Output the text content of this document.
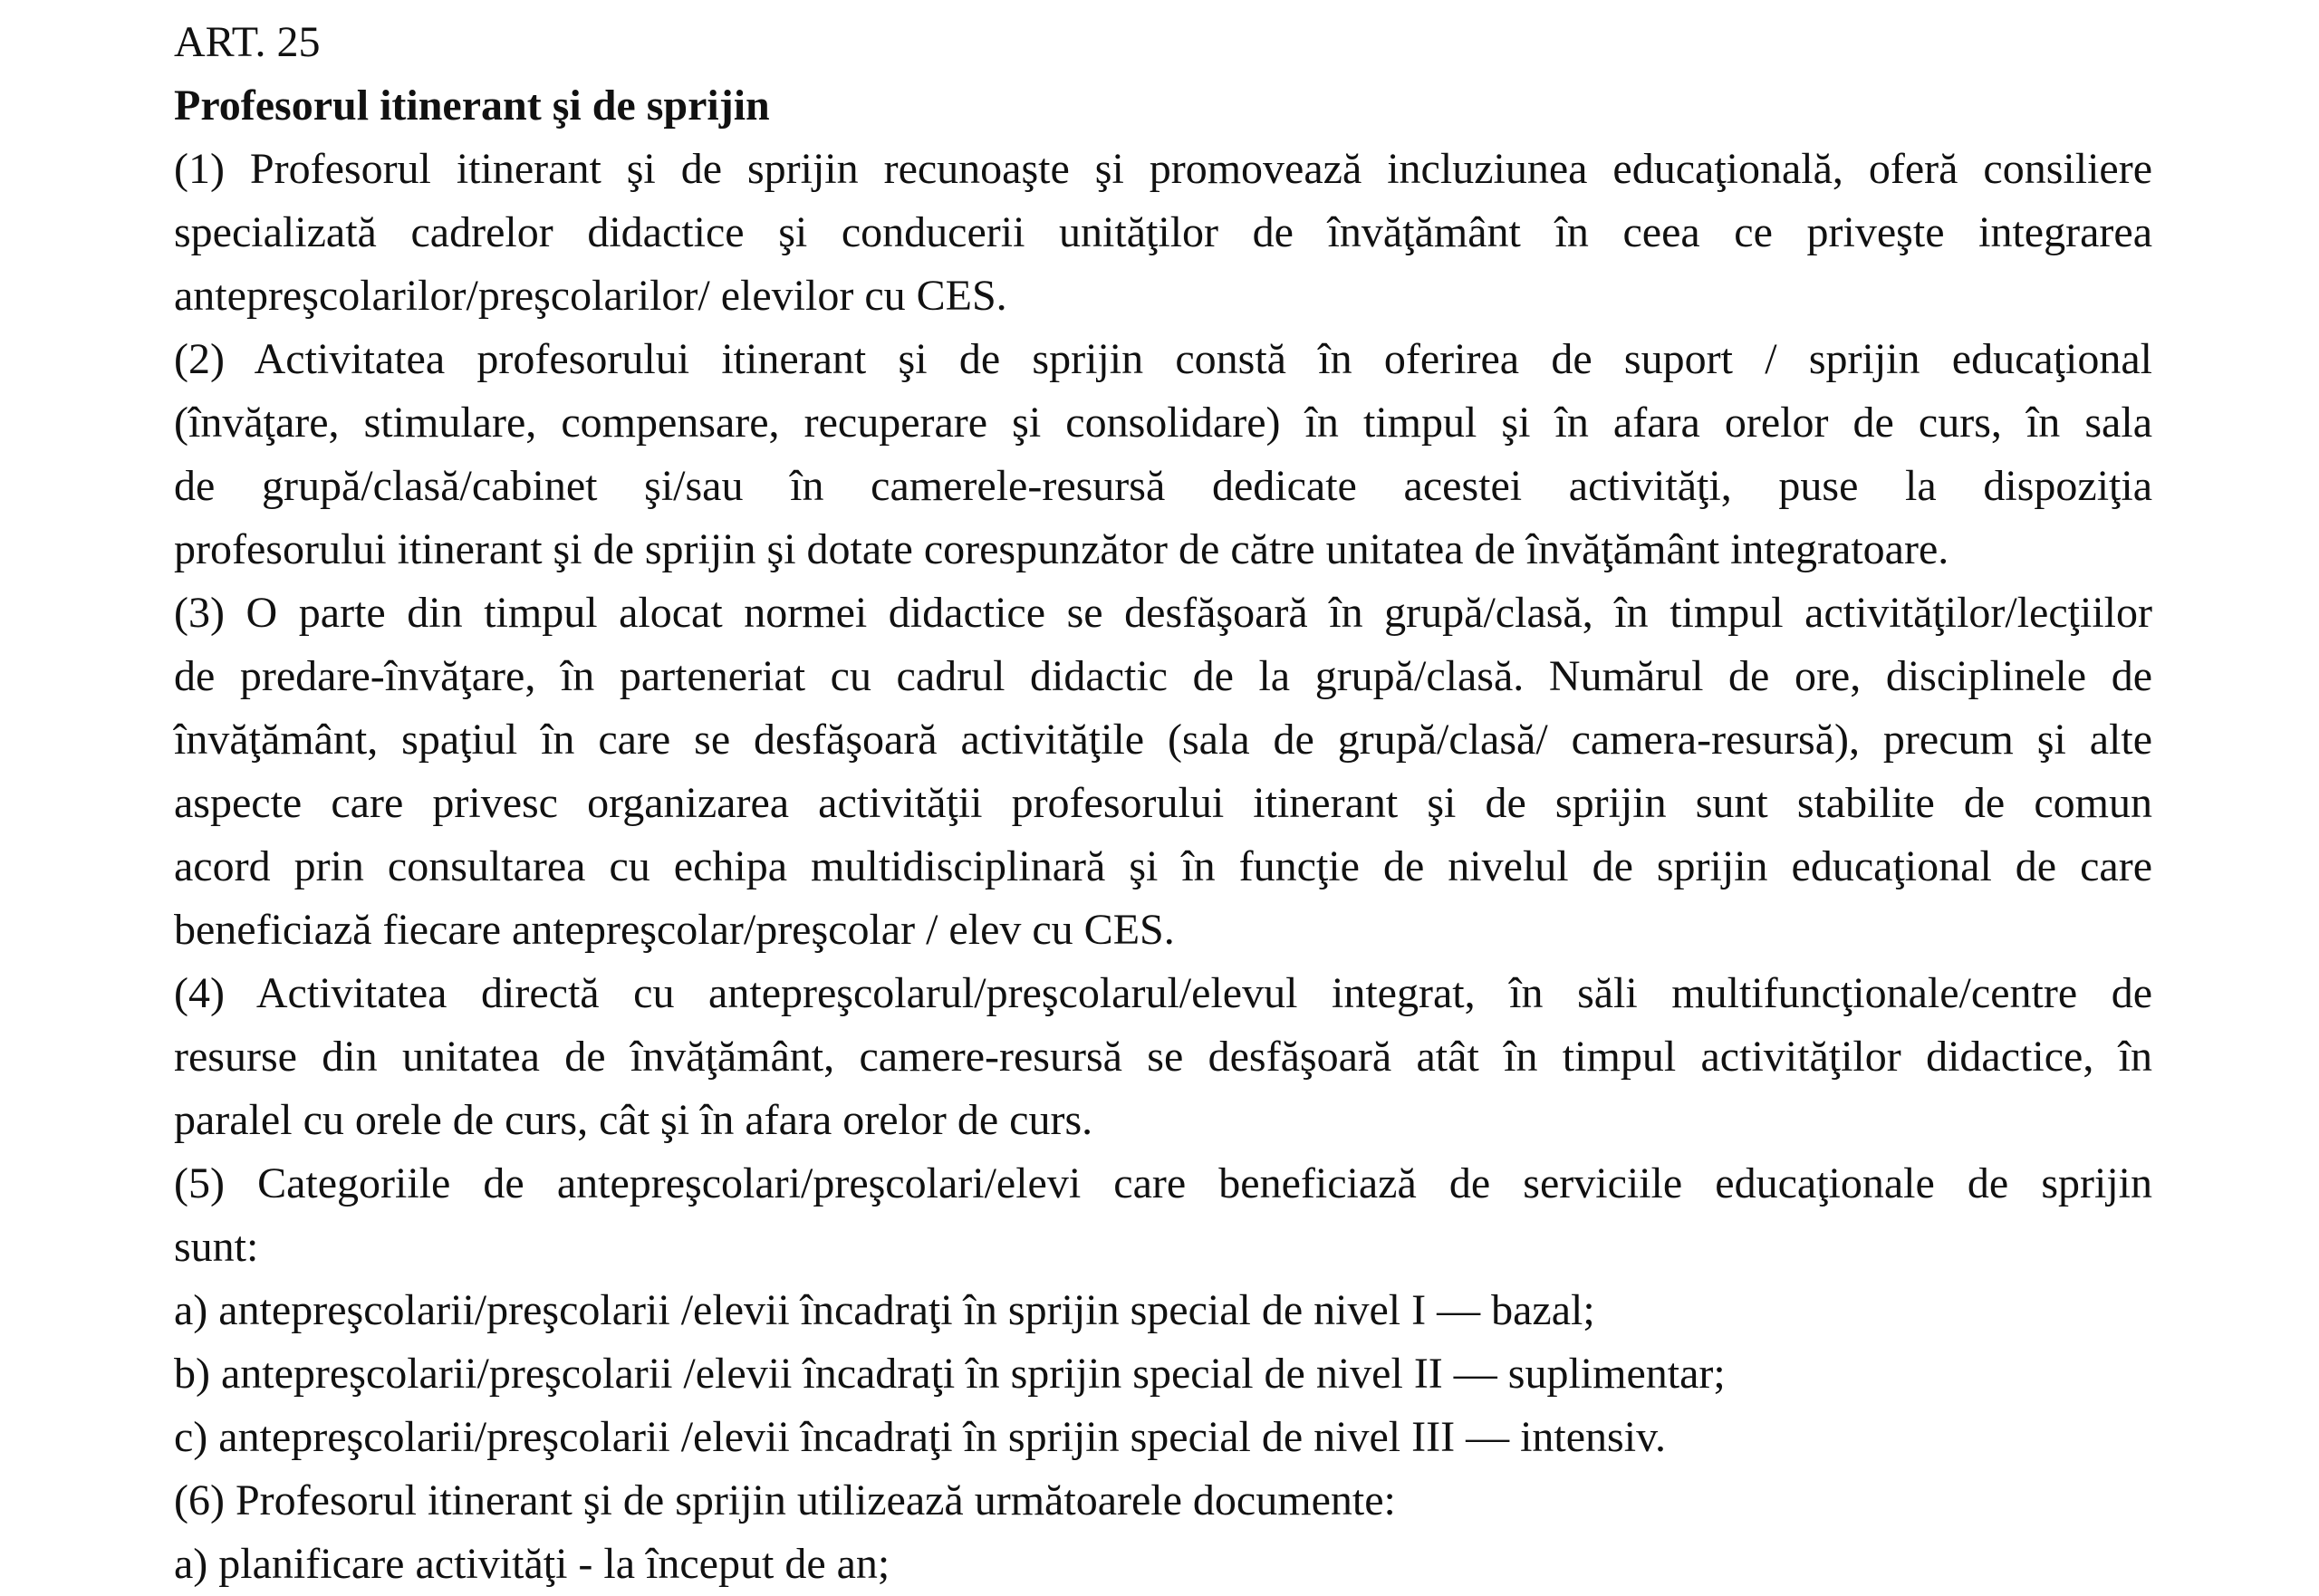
ART. 25
Profesorul itinerant şi de sprijin
(1) Profesorul itinerant şi de sprijin recunoaşte şi promovează incluziunea educaţională, oferă consiliere
specializată cadrelor didactice şi conducerii unităţilor de învăţământ în ceea ce priveşte integrarea
antepreşcolarilor/preşcolarilor/ elevilor cu CES.
(2) Activitatea profesorului itinerant şi de sprijin constă în oferirea de suport / sprijin educaţional
(învăţare, stimulare, compensare, recuperare şi consolidare) în timpul şi în afara orelor de curs, în sala
de grupă/clasă/cabinet şi/sau în camerele-resursă dedicate acestei activităţi, puse la dispoziţia
profesorului itinerant şi de sprijin şi dotate corespunzător de către unitatea de învăţământ integratoare.
(3) O parte din timpul alocat normei didactice se desfăşoară în grupă/clasă, în timpul activităţilor/lecţiilor
de predare-învăţare, în parteneriat cu cadrul didactic de la grupă/clasă. Numărul de ore, disciplinele de
învăţământ, spaţiul în care se desfăşoară activităţile (sala de grupă/clasă/ camera-resursă), precum şi alte
aspecte care privesc organizarea activităţii profesorului itinerant şi de sprijin sunt stabilite de comun
acord prin consultarea cu echipa multidisciplinară şi în funcţie de nivelul de sprijin educaţional de care
beneficiază fiecare antepreşcolar/preşcolar / elev cu CES.
(4) Activitatea directă cu antepreşcolarul/preşcolarul/elevul integrat, în săli multifuncţionale/centre de
resurse din unitatea de învăţământ, camere-resursă se desfăşoară atât în timpul activităţilor didactice, în
paralel cu orele de curs, cât şi în afara orelor de curs.
(5) Categoriile de antepreşcolari/preşcolari/elevi care beneficiază de serviciile educaţionale de sprijin
sunt:
a) antepreşcolarii/preşcolarii /elevii încadraţi în sprijin special de nivel I — bazal;
b) antepreşcolarii/preşcolarii /elevii încadraţi în sprijin special de nivel II — suplimentar;
c) antepreşcolarii/preşcolarii /elevii încadraţi în sprijin special de nivel III — intensiv.
(6) Profesorul itinerant şi de sprijin utilizează următoarele documente:
a) planificare activităţi - la început de an;
